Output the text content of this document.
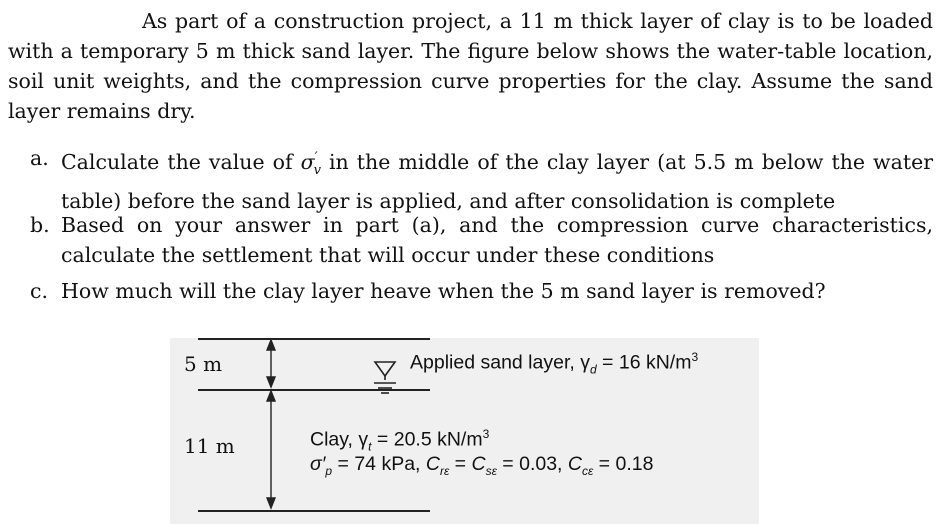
As part of a construction project, a 11 m thick layer of clay is to be loaded with a temporary 5 m thick sand layer. The figure below shows the water-table location, soil unit weights, and the compression curve properties for the clay. Assume the sand layer remains dry.
a. Calculate the value of $\sigma'_v$ in the middle of the clay layer (at 5.5 m below the water table) before the sand layer is applied, and after consolidation is complete
b. Based on your answer in part (a), and the compression curve characteristics, calculate the settlement that will occur under these conditions
c. How much will the clay layer heave when the 5 m sand layer is removed?
5 m
11 m
Applied sand layer, $\gamma_d = 16$ $kN/m^3$
Clay, $\gamma_t = 20.5$ $kN/m^3$
$\sigma'_p = 74$ kPa, $C_{r\varepsilon} = C_{s\varepsilon} = 0.03$, $C_{c\varepsilon} = 0.18$
